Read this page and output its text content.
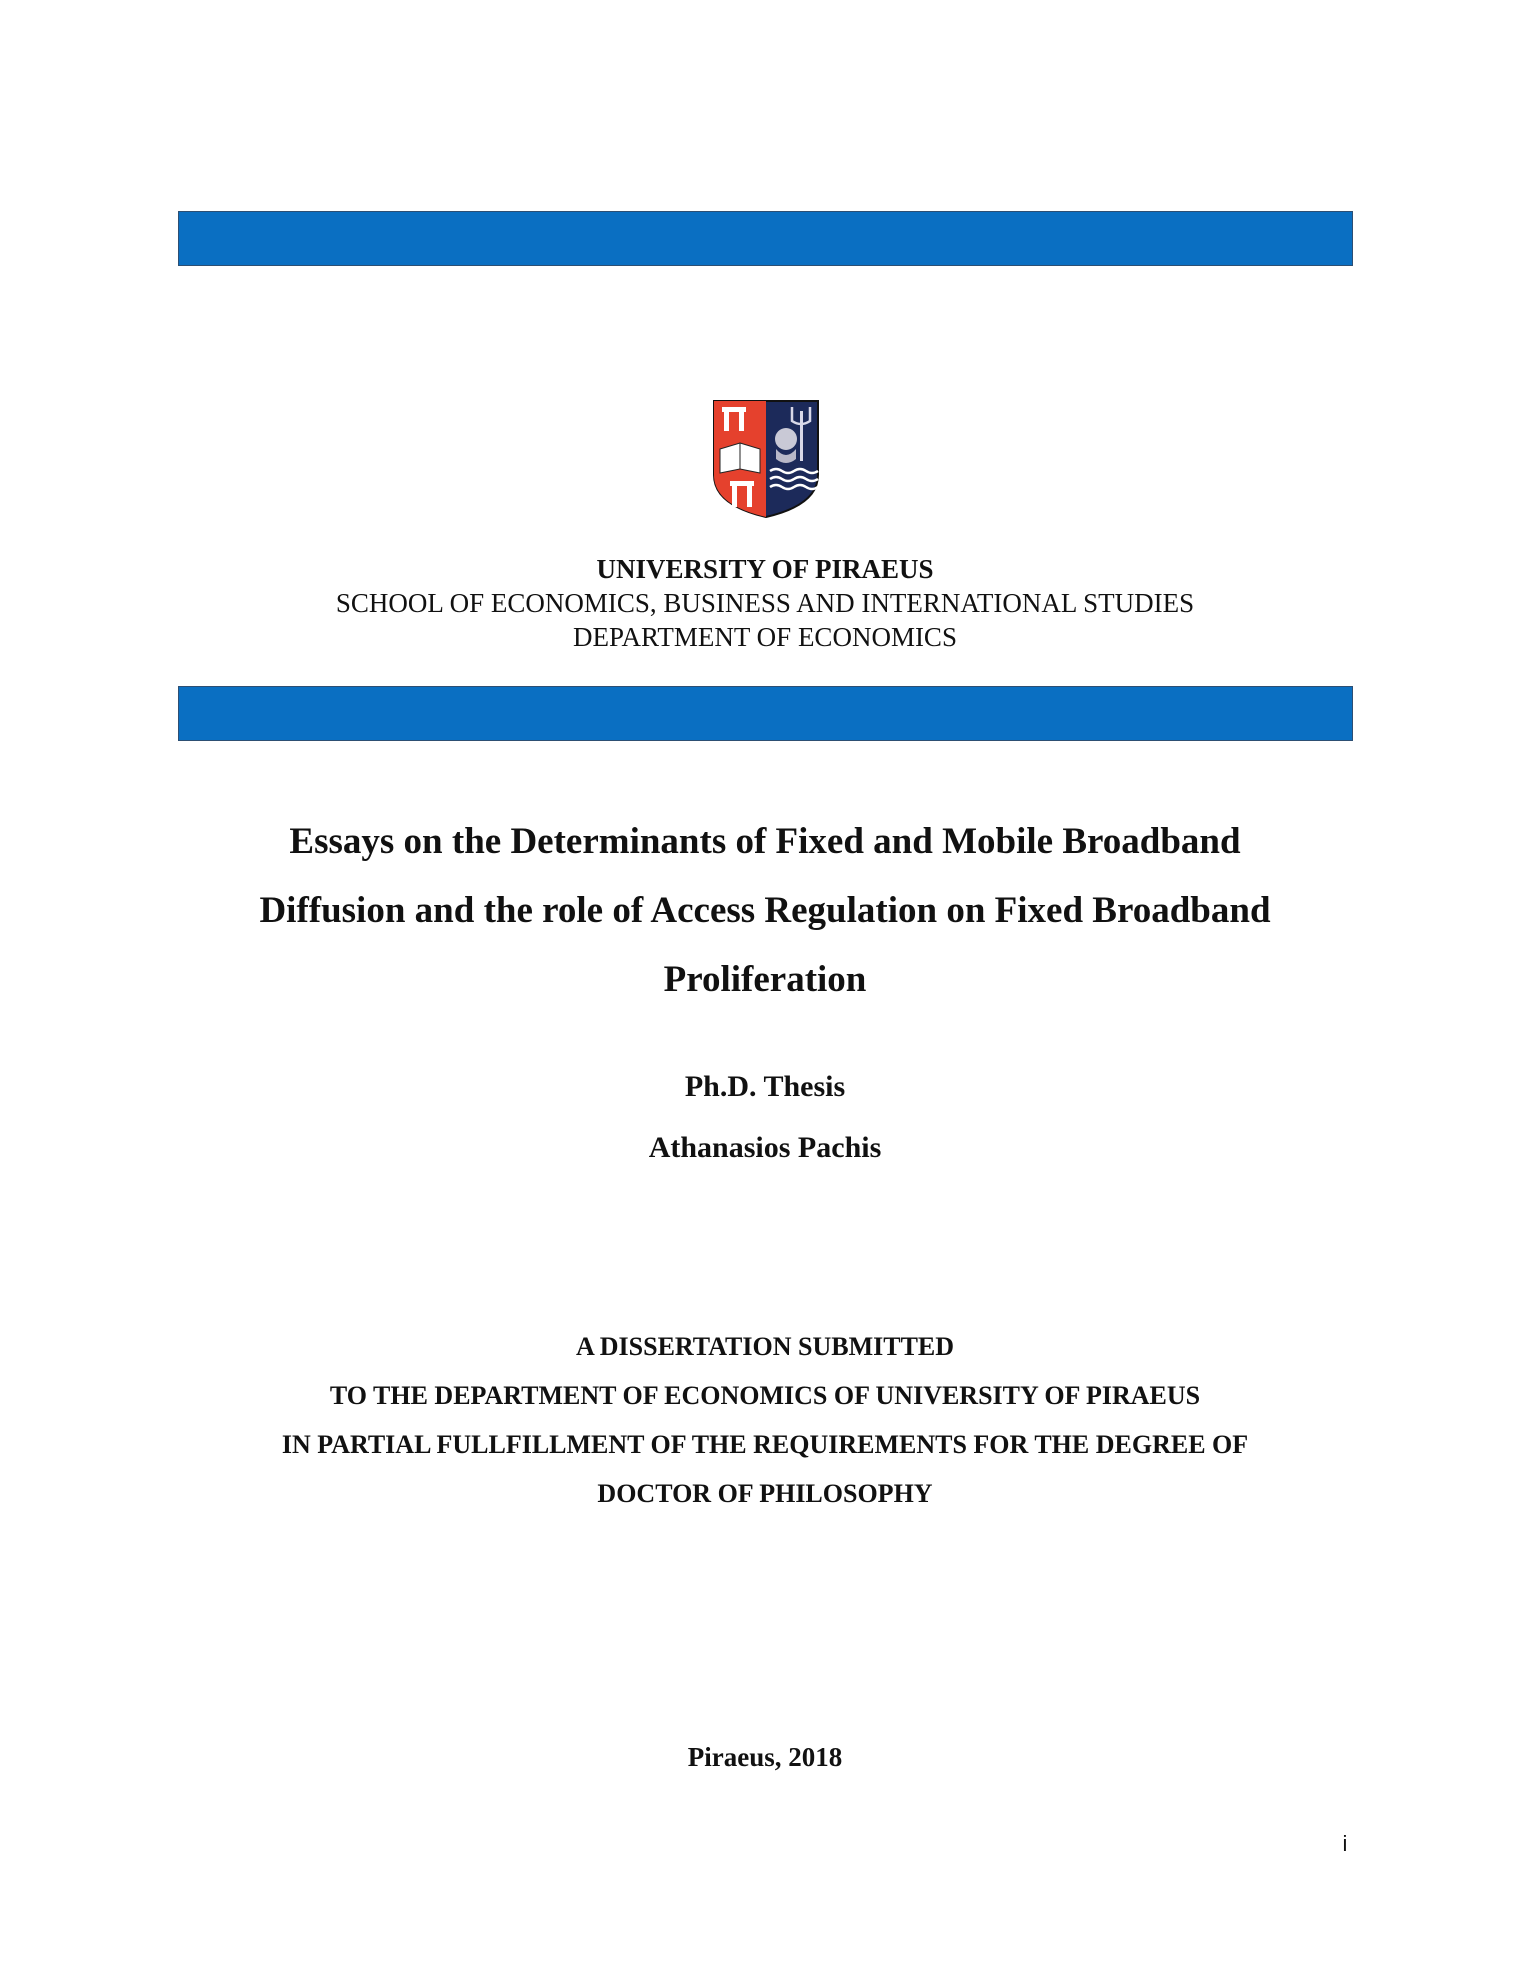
UNIVERSITY OF PIRAEUS
SCHOOL OF ECONOMICS, BUSINESS AND INTERNATIONAL STUDIES
DEPARTMENT OF ECONOMICS
Essays on the Determinants of Fixed and Mobile Broadband
Diffusion and the role of Access Regulation on Fixed Broadband
Proliferation
Ph.D. Thesis
Athanasios Pachis
A DISSERTATION SUBMITTED
TO THE DEPARTMENT OF ECONOMICS OF UNIVERSITY OF PIRAEUS
IN PARTIAL FULLFILLMENT OF THE REQUIREMENTS FOR THE DEGREE OF
DOCTOR OF PHILOSOPHY
Piraeus, 2018
i
